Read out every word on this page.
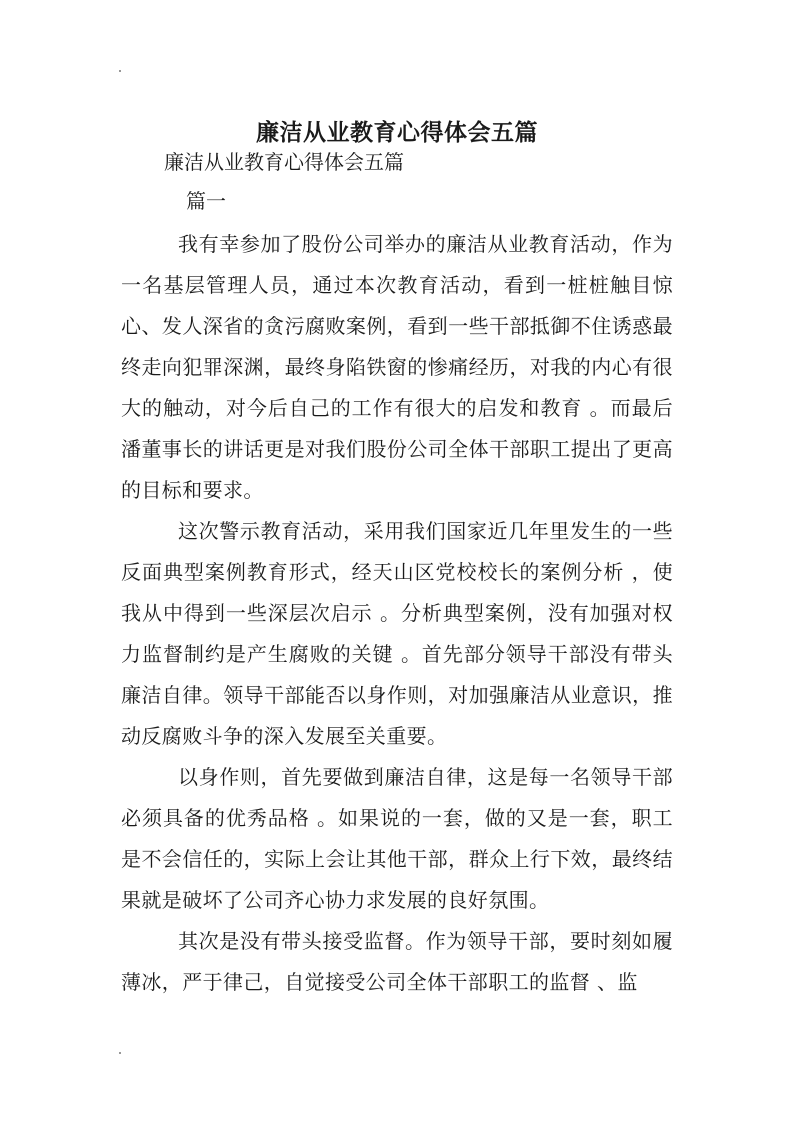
廉洁从业教育心得体会五篇
廉洁从业教育心得体会五篇
篇一

我有幸参加了股份公司举办的廉洁从业教育活动，作为一名基层管理人员，通过本次教育活动，看到一桩桩触目惊心、发人深省的贪污腐败案例，看到一些干部抵御不住诱惑最终走向犯罪深渊，最终身陷铁窗的惨痛经历，对我的内心有很大的触动，对今后自己的工作有很大的启发和教育 。而最后潘董事长的讲话更是对我们股份公司全体干部职工提出了更高的目标和要求。

这次警示教育活动，采用我们国家近几年里发生的一些反面典型案例教育形式，经天山区党校校长的案例分析 ，使我从中得到一些深层次启示 。分析典型案例，没有加强对权力监督制约是产生腐败的关键 。首先部分领导干部没有带头廉洁自律。领导干部能否以身作则，对加强廉洁从业意识，推动反腐败斗争的深入发展至关重要。

以身作则，首先要做到廉洁自律，这是每一名领导干部必须具备的优秀品格 。如果说的一套，做的又是一套，职工是不会信任的，实际上会让其他干部，群众上行下效，最终结果就是破坏了公司齐心协力求发展的良好氛围。

其次是没有带头接受监督。作为领导干部，要时刻如履薄冰，严于律己，自觉接受公司全体干部职工的监督 、监
